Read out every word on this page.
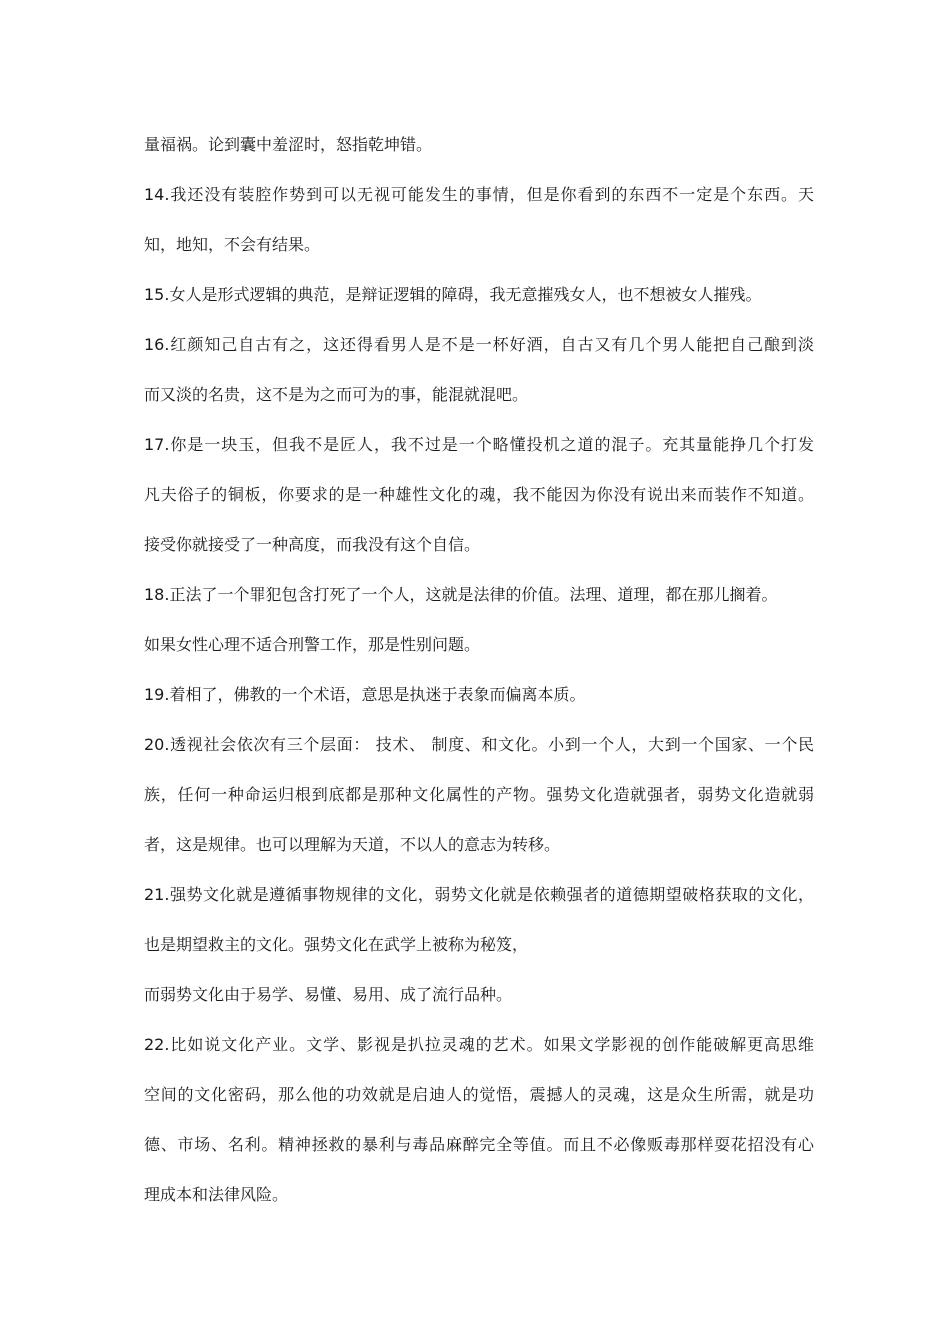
量福祸。论到囊中羞涩时，怒指乾坤错。
14.我还没有装腔作势到可以无视可能发生的事情，但是你看到的东西不一定是个东西。天
知，地知，不会有结果。
15.女人是形式逻辑的典范，是辩证逻辑的障碍，我无意摧残女人，也不想被女人摧残。
16.红颜知己自古有之，这还得看男人是不是一杯好酒，自古又有几个男人能把自己酿到淡
而又淡的名贵，这不是为之而可为的事，能混就混吧。
17.你是一块玉，但我不是匠人，我不过是一个略懂投机之道的混子。充其量能挣几个打发
凡夫俗子的铜板，你要求的是一种雄性文化的魂，我不能因为你没有说出来而装作不知道。
接受你就接受了一种高度，而我没有这个自信。
18.正法了一个罪犯包含打死了一个人，这就是法律的价值。法理、道理，都在那儿搁着。
如果女性心理不适合刑警工作，那是性别问题。
19.着相了，佛教的一个术语，意思是执迷于表象而偏离本质。
20.透视社会依次有三个层面： 技术、 制度、和文化。小到一个人，大到一个国家、一个民
族，任何一种命运归根到底都是那种文化属性的产物。强势文化造就强者，弱势文化造就弱
者，这是规律。也可以理解为天道，不以人的意志为转移。
21.强势文化就是遵循事物规律的文化，弱势文化就是依赖强者的道德期望破格获取的文化，
也是期望救主的文化。强势文化在武学上被称为秘笈，
而弱势文化由于易学、易懂、易用、成了流行品种。
22.比如说文化产业。文学、影视是扒拉灵魂的艺术。如果文学影视的创作能破解更高思维
空间的文化密码，那么他的功效就是启迪人的觉悟，震撼人的灵魂，这是众生所需，就是功
德、市场、名利。精神拯救的暴利与毒品麻醉完全等值。而且不必像贩毒那样耍花招没有心
理成本和法律风险。
